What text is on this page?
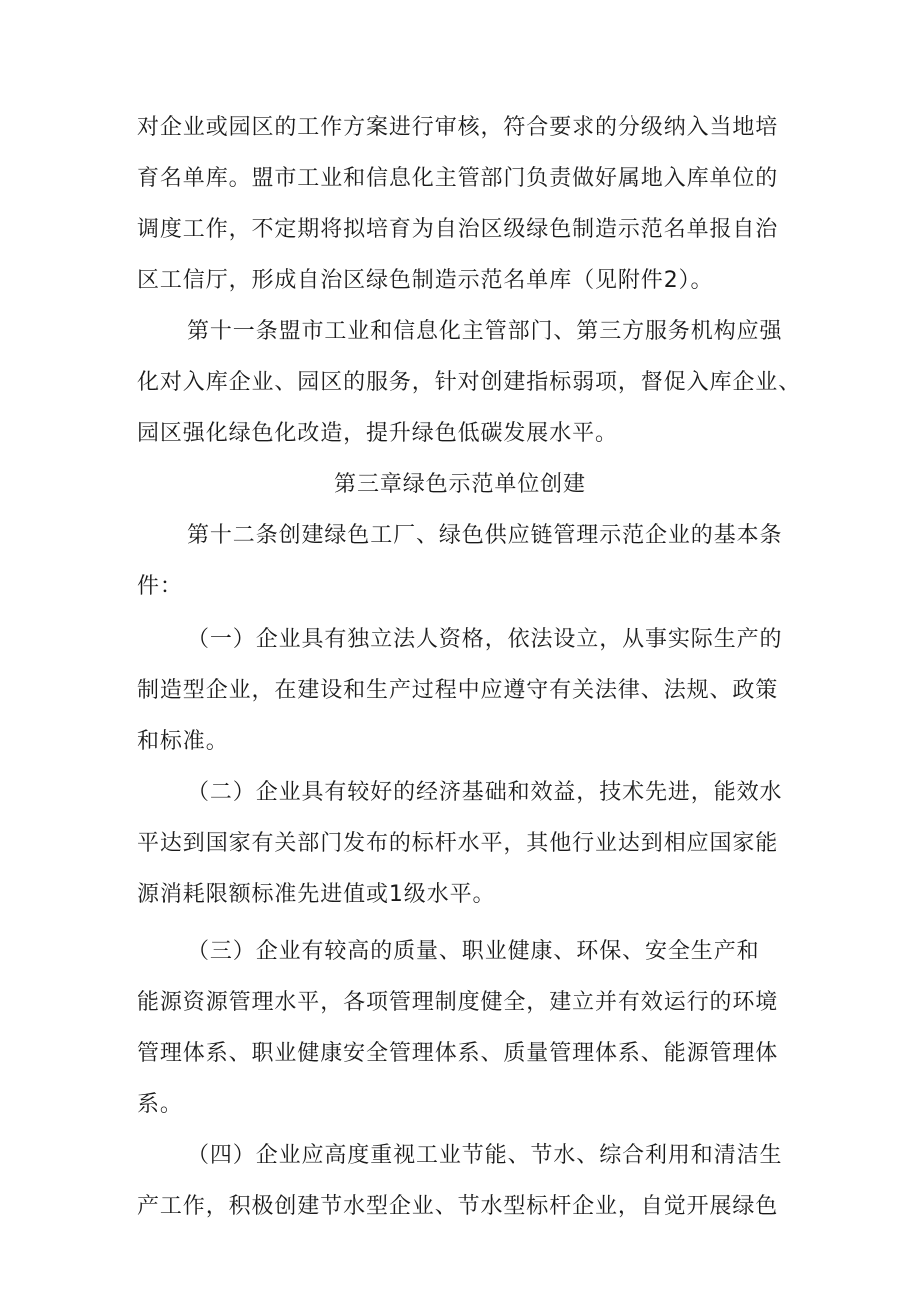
对企业或园区的工作方案进行审核，符合要求的分级纳入当地培
育名单库。盟市工业和信息化主管部门负责做好属地入库单位的
调度工作，不定期将拟培育为自治区级绿色制造示范名单报自治
区工信厅，形成自治区绿色制造示范名单库（见附件2）。
第十一条盟市工业和信息化主管部门、第三方服务机构应强
化对入库企业、园区的服务，针对创建指标弱项，督促入库企业、
园区强化绿色化改造，提升绿色低碳发展水平。
第三章绿色示范单位创建
第十二条创建绿色工厂、绿色供应链管理示范企业的基本条
件：
（一）企业具有独立法人资格，依法设立，从事实际生产的
制造型企业，在建设和生产过程中应遵守有关法律、法规、政策
和标准。
（二）企业具有较好的经济基础和效益，技术先进，能效水
平达到国家有关部门发布的标杆水平，其他行业达到相应国家能
源消耗限额标准先进值或1级水平。
（三）企业有较高的质量、职业健康、环保、安全生产和
能源资源管理水平，各项管理制度健全，建立并有效运行的环境
管理体系、职业健康安全管理体系、质量管理体系、能源管理体
系。
（四）企业应高度重视工业节能、节水、综合利用和清洁生
产工作，积极创建节水型企业、节水型标杆企业，自觉开展绿色
